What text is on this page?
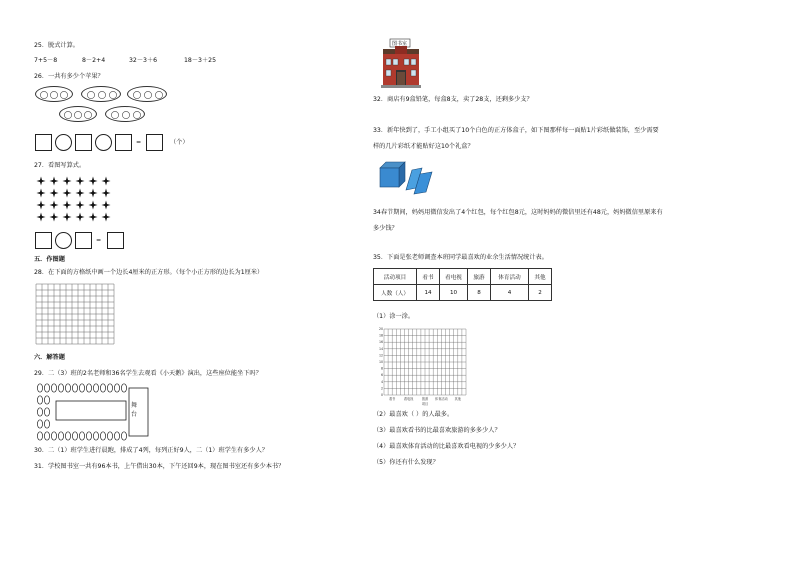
25．脱式计算。
7+5－8	8－2+4	32－3＋6	18－3＋25
26．一共有多少个苹果？
=	（个）
27．看图写算式。
=
五．作图题
28．在下面的方格纸中画一个边长4厘米的正方形。（每个小正方形的边长为1厘米）
六．解答题
29．二（3）班的2名老师和36名学生去观看《小天鹅》演出，这些座位能坐下吗？
舞台
30．二（1）班学生进行晨跑，排成了4列，每列正好9人，二（1）班学生有多少人？
31．学校图书室一共有96本书，上午借出30本，下午还回9本，现在图书室还有多少本书？
图书室
32．商店有9盒铅笔，每盒8支，卖了28支，还剩多少支？
33．新年快到了，手工小组买了10个白色的正方体盒子，如下图那样每一面贴1片彩纸做装饰，至少需要
样的几片彩纸才能贴好这10个礼盒？
34春节期间，妈妈用微信发出了4个红包，每个红包8元，这时妈妈的微信里还有48元，妈妈微信里原来有
多少钱？
35．下面是张老师调查本班同学最喜欢的业余生活情况统计表。
活动项目	看书	看电视	旅游	体育活动	其他
人数（人）	14	10	8	4	2
（1）涂一涂。
0
2
4
6
8
10
12
14
16
18
20
看书	看电视	旅游 体育活动 其他
项目
（2）最喜欢（ ）的人最多。
（3）最喜欢看书的比最喜欢旅游的多多少人？
（4）最喜欢体育活动的比最喜欢看电视的少多少人？
（5）你还有什么发现？
